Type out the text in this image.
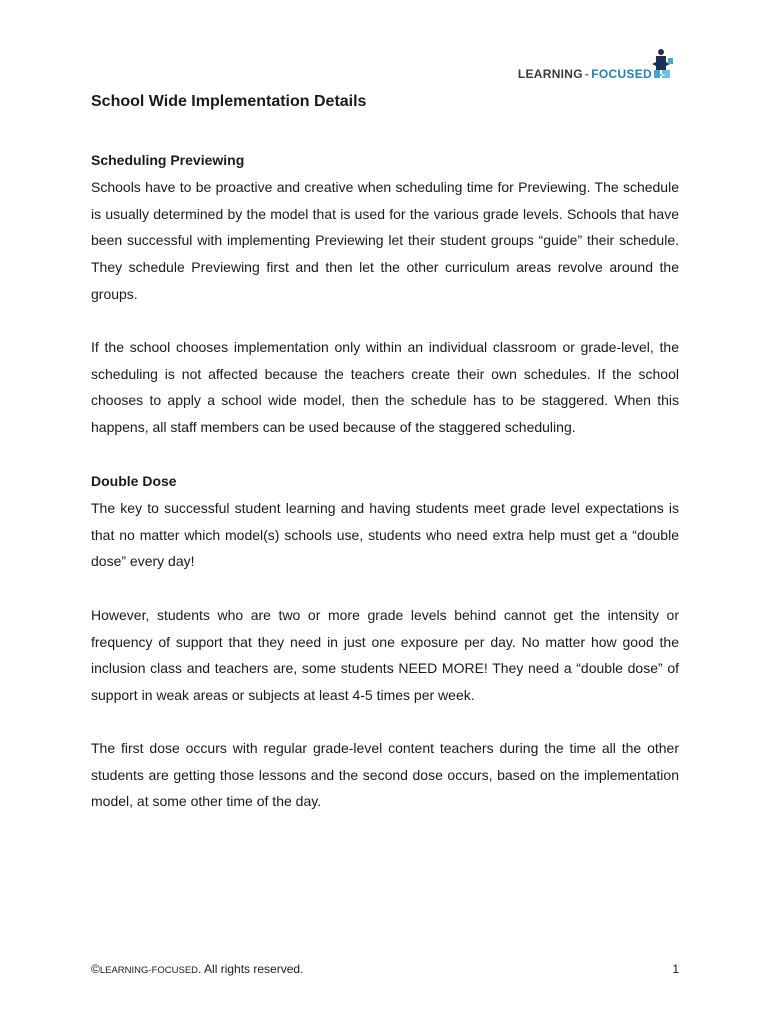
LEARNING - FOCUSED
School Wide Implementation Details
Scheduling Previewing

Schools have to be proactive and creative when scheduling time for Previewing. The schedule is usually determined by the model that is used for the various grade levels. Schools that have been successful with implementing Previewing let their student groups “guide” their schedule. They schedule Previewing first and then let the other curriculum areas revolve around the groups.

If the school chooses implementation only within an individual classroom or grade-level, the scheduling is not affected because the teachers create their own schedules. If the school chooses to apply a school wide model, then the schedule has to be staggered. When this happens, all staff members can be used because of the staggered scheduling.

Double Dose

The key to successful student learning and having students meet grade level expectations is that no matter which model(s) schools use, students who need extra help must get a “double dose” every day!

However, students who are two or more grade levels behind cannot get the intensity or frequency of support that they need in just one exposure per day. No matter how good the inclusion class and teachers are, some students NEED MORE! They need a “double dose” of support in weak areas or subjects at least 4-5 times per week.

The first dose occurs with regular grade-level content teachers during the time all the other students are getting those lessons and the second dose occurs, based on the implementation model, at some other time of the day.

©LEARNING-FOCUSED. All rights reserved.	1
